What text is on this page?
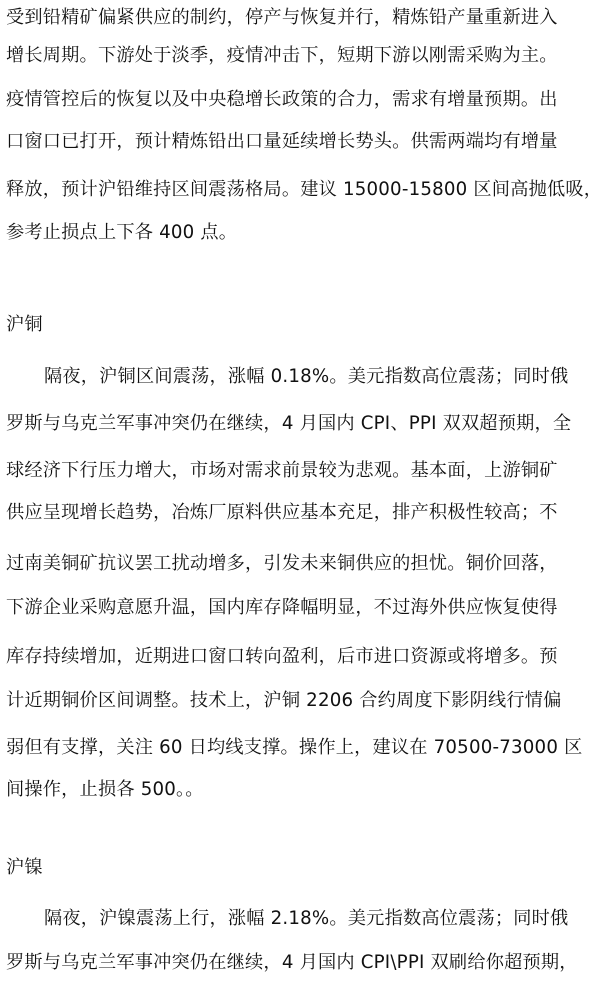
受到铅精矿偏紧供应的制约，停产与恢复并行，精炼铅产量重新进入
增长周期。下游处于淡季，疫情冲击下，短期下游以刚需采购为主。
疫情管控后的恢复以及中央稳增长政策的合力，需求有增量预期。出
口窗口已打开，预计精炼铅出口量延续增长势头。供需两端均有增量
释放，预计沪铅维持区间震荡格局。建议 15000-15800 区间高抛低吸，
参考止损点上下各 400 点。
沪铜
隔夜，沪铜区间震荡，涨幅 0.18%。美元指数高位震荡；同时俄
罗斯与乌克兰军事冲突仍在继续，4 月国内 CPI、PPI 双双超预期，全
球经济下行压力增大，市场对需求前景较为悲观。基本面，上游铜矿
供应呈现增长趋势，冶炼厂原料供应基本充足，排产积极性较高；不
过南美铜矿抗议罢工扰动增多，引发未来铜供应的担忧。铜价回落，
下游企业采购意愿升温，国内库存降幅明显，不过海外供应恢复使得
库存持续增加，近期进口窗口转向盈利，后市进口资源或将增多。预
计近期铜价区间调整。技术上，沪铜 2206 合约周度下影阴线行情偏
弱但有支撑，关注 60 日均线支撑。操作上，建议在 70500-73000 区
间操作，止损各 500。。
沪镍
隔夜，沪镍震荡上行，涨幅 2.18%。美元指数高位震荡；同时俄
罗斯与乌克兰军事冲突仍在继续，4 月国内 CPI\PPI 双刷给你超预期，
